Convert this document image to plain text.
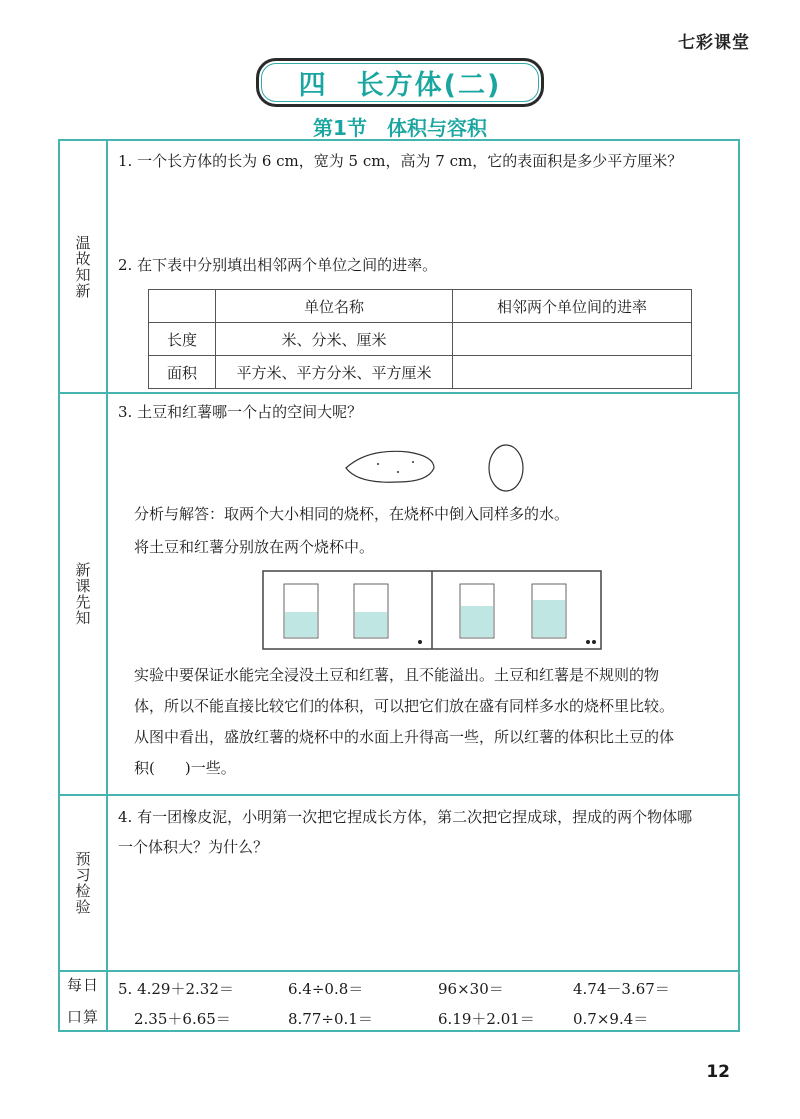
七彩课堂
四　长方体(二)
第1节　体积与容积
温故知新

1. 一个长方体的长为 6 cm，宽为 5 cm，高为 7 cm，它的表面积是多少平方厘米？

2. 在下表中分别填出相邻两个单位之间的进率。

	单位名称	相邻两个单位间的进率
长度	米、分米、厘米	
面积	平方米、平方分米、平方厘米	
新课先知

3. 土豆和红薯哪一个占的空间大呢？

分析与解答：取两个大小相同的烧杯，在烧杯中倒入同样多的水。

将土豆和红薯分别放在两个烧杯中。

实验中要保证水能完全浸没土豆和红薯，且不能溢出。土豆和红薯是不规则的物

体，所以不能直接比较它们的体积，可以把它们放在盛有同样多水的烧杯里比较。

从图中看出，盛放红薯的烧杯中的水面上升得高一些，所以红薯的体积比土豆的体

积(　　)一些。

预习检验

4. 有一团橡皮泥，小明第一次把它捏成长方体，第二次把它捏成球，捏成的两个物体哪

一个体积大？为什么？

每日
口算
5. 4.29＋2.32＝	6.4÷0.8＝	96×30＝	4.74－3.67＝
2.35＋6.65＝	8.77÷0.1＝	6.19＋2.01＝	0.7×9.4＝
12
